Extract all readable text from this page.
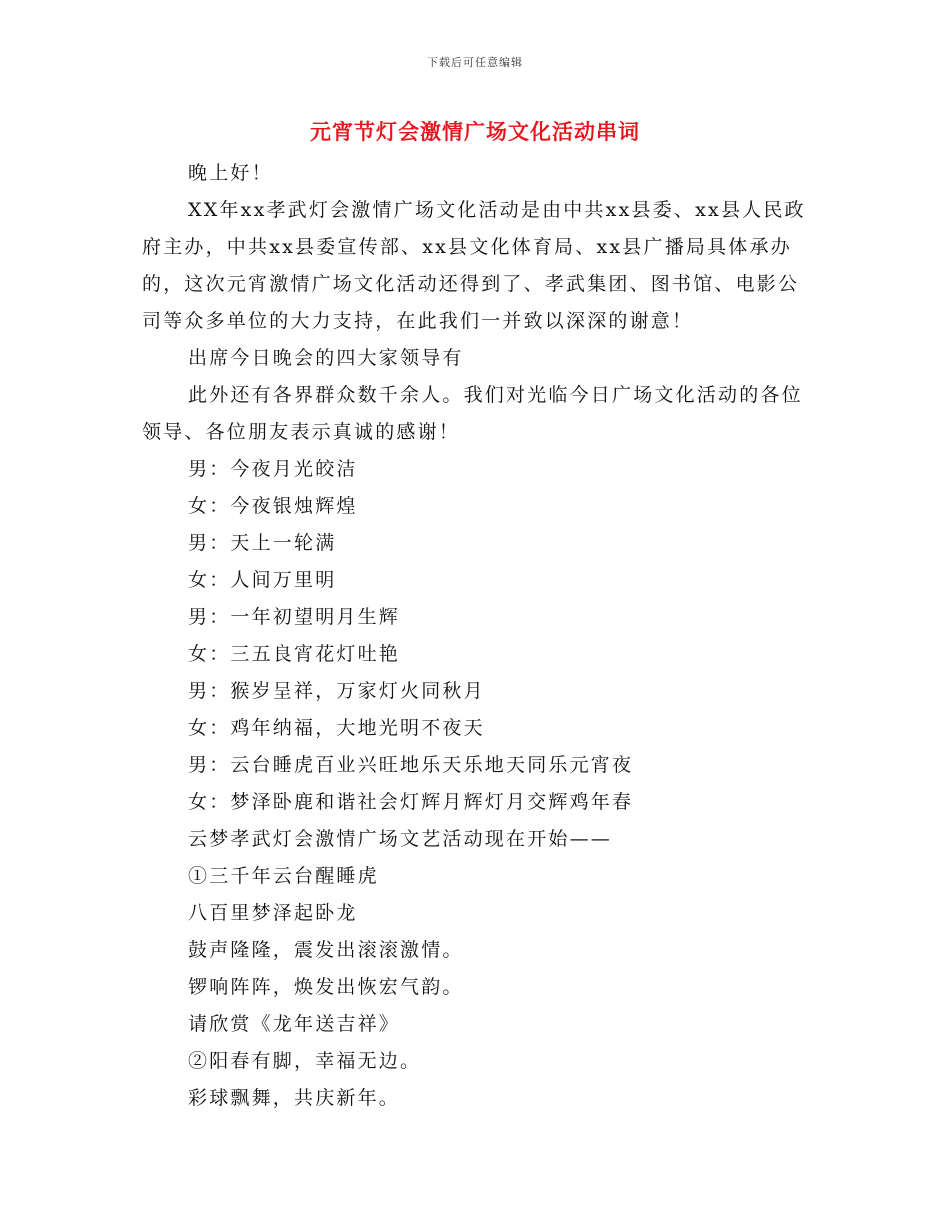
下载后可任意编辑
元宵节灯会激情广场文化活动串词

晚上好！

XX年xx孝武灯会激情广场文化活动是由中共xx县委、xx县人民政府主办，中共xx县委宣传部、xx县文化体育局、xx县广播局具体承办的，这次元宵激情广场文化活动还得到了、孝武集团、图书馆、电影公司等众多单位的大力支持，在此我们一并致以深深的谢意！

出席今日晚会的四大家领导有

此外还有各界群众数千余人。我们对光临今日广场文化活动的各位领导、各位朋友表示真诚的感谢！

男：今夜月光皎洁

女：今夜银烛辉煌

男：天上一轮满

女：人间万里明

男：一年初望明月生辉

女：三五良宵花灯吐艳

男：猴岁呈祥，万家灯火同秋月

女：鸡年纳福，大地光明不夜天

男：云台睡虎百业兴旺地乐天乐地天同乐元宵夜

女：梦泽卧鹿和谐社会灯辉月辉灯月交辉鸡年春

云梦孝武灯会激情广场文艺活动现在开始——

①三千年云台醒睡虎

八百里梦泽起卧龙

鼓声隆隆，震发出滚滚激情。

锣响阵阵，焕发出恢宏气韵。

请欣赏《龙年送吉祥》

②阳春有脚，幸福无边。

彩球飘舞，共庆新年。
